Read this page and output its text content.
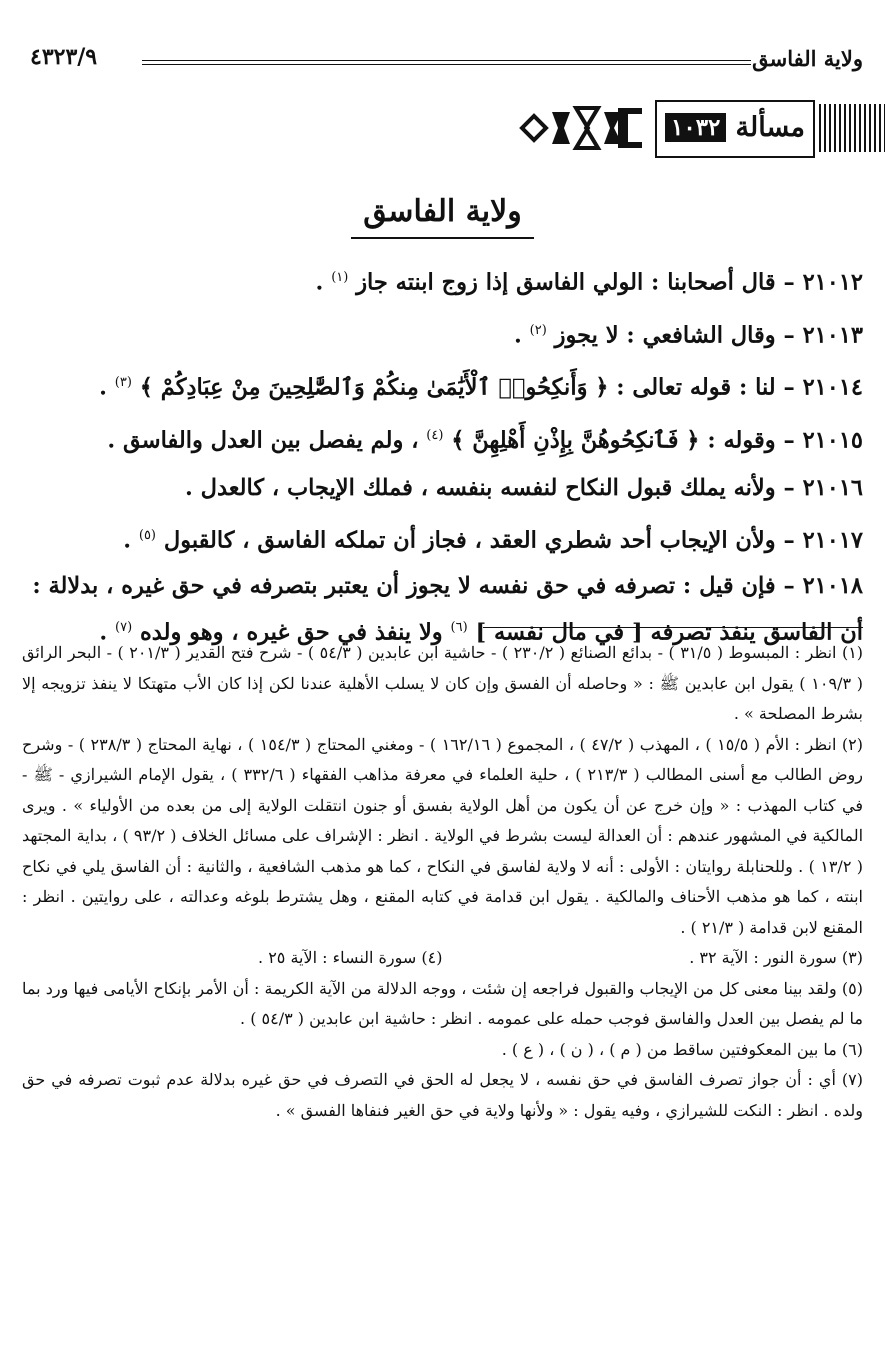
ولاية الفاسق
٤٣٢٣/٩
مسألة
١٠٣٢
ولاية الفاسق

٢١٠١٢ – قال أصحابنا : الولي الفاسق إذا زوج ابنته جاز $^{(١)}$ .

٢١٠١٣ – وقال الشافعي : لا يجوز $^{(٢)}$ .

٢١٠١٤ – لنا : قوله تعالى : ﴿ وَأَنكِحُوا۟ ٱلْأَيَٰمَىٰ مِنكُمْ وَٱلصَّٰلِحِينَ مِنْ عِبَادِكُمْ ﴾ $^{(٣)}$ .

٢١٠١٥ – وقوله : ﴿ فَٱنكِحُوهُنَّ بِإِذْنِ أَهْلِهِنَّ ﴾ $^{(٤)}$ ، ولم يفصل بين العدل والفاسق .

٢١٠١٦ – ولأنه يملك قبول النكاح لنفسه بنفسه ، فملك الإيجاب ، كالعدل .

٢١٠١٧ – ولأن الإيجاب أحد شطري العقد ، فجاز أن تملكه الفاسق ، كالقبول $^{(٥)}$ .

٢١٠١٨ – فإن قيل : تصرفه في حق نفسه لا يجوز أن يعتبر بتصرفه في حق غيره ، بدلالة : أن الفاسق ينفذ تصرفه [ في مال نفسه ] $^{(٦)}$ ولا ينفذ في حق غيره ، وهو ولده $^{(٧)}$ .

(١) انظر : المبسوط ( ٣١/٥ ) - بدائع الصنائع ( ٢٣٠/٢ ) - حاشية ابن عابدين ( ٥٤/٣ ) - شرح فتح القدير ( ٢٠١/٣ ) - البحر الرائق ( ١٠٩/٣ ) يقول ابن عابدين ﷺ : « وحاصله أن الفسق وإن كان لا يسلب الأهلية عندنا لكن إذا كان الأب متهتكا لا ينفذ تزويجه إلا بشرط المصلحة » .

(٢) انظر : الأم ( ١٥/٥ ) ، المهذب ( ٤٧/٢ ) ، المجموع ( ١٦٢/١٦ ) - ومغني المحتاج ( ١٥٤/٣ ) ، نهاية المحتاج ( ٢٣٨/٣ ) - وشرح روض الطالب مع أسنى المطالب ( ٢١٣/٣ ) ، حلية العلماء في معرفة مذاهب الفقهاء ( ٣٣٢/٦ ) ، يقول الإمام الشيرازي - ﷺ - في كتاب المهذب : « وإن خرج عن أن يكون من أهل الولاية بفسق أو جنون انتقلت الولاية إلى من بعده من الأولياء » . ويرى المالكية في المشهور عندهم : أن العدالة ليست بشرط في الولاية . انظر : الإشراف على مسائل الخلاف ( ٩٣/٢ ) ، بداية المجتهد ( ١٣/٢ ) . وللحنابلة روايتان : الأولى : أنه لا ولاية لفاسق في النكاح ، كما هو مذهب الشافعية ، والثانية : أن الفاسق يلي في نكاح ابنته ، كما هو مذهب الأحناف والمالكية . يقول ابن قدامة في كتابه المقنع ، وهل يشترط بلوغه وعدالته ، على روايتين . انظر : المقنع لابن قدامة ( ٢١/٣ ) .

(٣) سورة النور : الآية ٣٢ .

(٤) سورة النساء : الآية ٢٥ .

(٥) ولقد بينا معنى كل من الإيجاب والقبول فراجعه إن شئت ، ووجه الدلالة من الآية الكريمة : أن الأمر بإنكاح الأيامى فيها ورد بما ما لم يفصل بين العدل والفاسق فوجب حمله على عمومه . انظر : حاشية ابن عابدين ( ٥٤/٣ ) .

(٦) ما بين المعكوفتين ساقط من ( م ) ، ( ن ) ، ( ع ) .

(٧) أي : أن جواز تصرف الفاسق في حق نفسه ، لا يجعل له الحق في التصرف في حق غيره بدلالة عدم ثبوت تصرفه في حق ولده . انظر : النكت للشيرازي ، وفيه يقول : « ولأنها ولاية في حق الغير فنفاها الفسق » .
